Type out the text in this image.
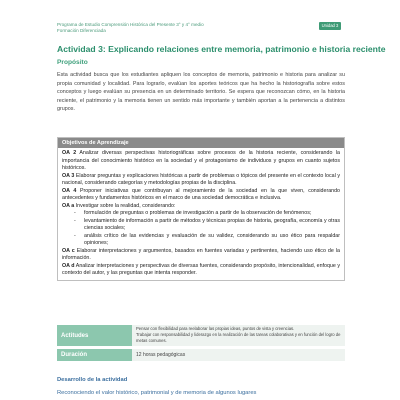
Programa de Estudio Comprensión Histórica del Presente 3° y 4° medio
Formación Diferenciada
Unidad 3
Actividad 3: Explicando relaciones entre memoria, patrimonio e historia reciente
Propósito
Esta actividad busca que los estudiantes apliquen los conceptos de memoria, patrimonio e historia para analizar su propia comunidad y localidad. Para lograrlo, evalúan los aportes teóricos que ha hecho la historiografía sobre estos conceptos y luego evalúan su presencia en un determinado territorio. Se espera que reconozcan cómo, en la historia reciente, el patrimonio y la memoria tienen un sentido más importante y también aportan a la pertenencia a distintos grupos.
Objetivos de Aprendizaje
OA 2 Analizar diversas perspectivas historiográficas sobre procesos de la historia reciente, considerando la importancia del conocimiento histórico en la sociedad y el protagonismo de individuos y grupos en cuanto sujetos históricos.
OA 3 Elaborar preguntas y explicaciones históricas a partir de problemas o tópicos del presente en el contexto local y nacional, considerando categorías y metodologías propias de la disciplina.
OA 4 Proponer iniciativas que contribuyan al mejoramiento de la sociedad en la que viven, considerando antecedentes y fundamentos históricos en el marco de una sociedad democrática e inclusiva.
OA a Investigar sobre la realidad, considerando:
- formulación de preguntas o problemas de investigación a partir de la observación de fenómenos;
- levantamiento de información a partir de métodos y técnicas propias de historia, geografía, economía y otras ciencias sociales;
- análisis crítico de las evidencias y evaluación de su validez, considerando su uso ético para respaldar opiniones;
OA c Elaborar interpretaciones y argumentos, basados en fuentes variadas y pertinentes, haciendo uso ético de la información.
OA d Analizar interpretaciones y perspectivas de diversas fuentes, considerando propósito, intencionalidad, enfoque y contexto del autor, y las preguntas que intenta responder.
Actitudes
Pensar con flexibilidad para reelaborar las propias ideas, puntos de vista y creencias.
Trabajar con responsabilidad y liderazgo en la realización de las tareas colaborativas y en función del logro de metas comunes.
Duración	12 horas pedagógicas
Desarrollo de la actividad
Reconociendo el valor histórico, patrimonial y de memoria de algunos lugares
